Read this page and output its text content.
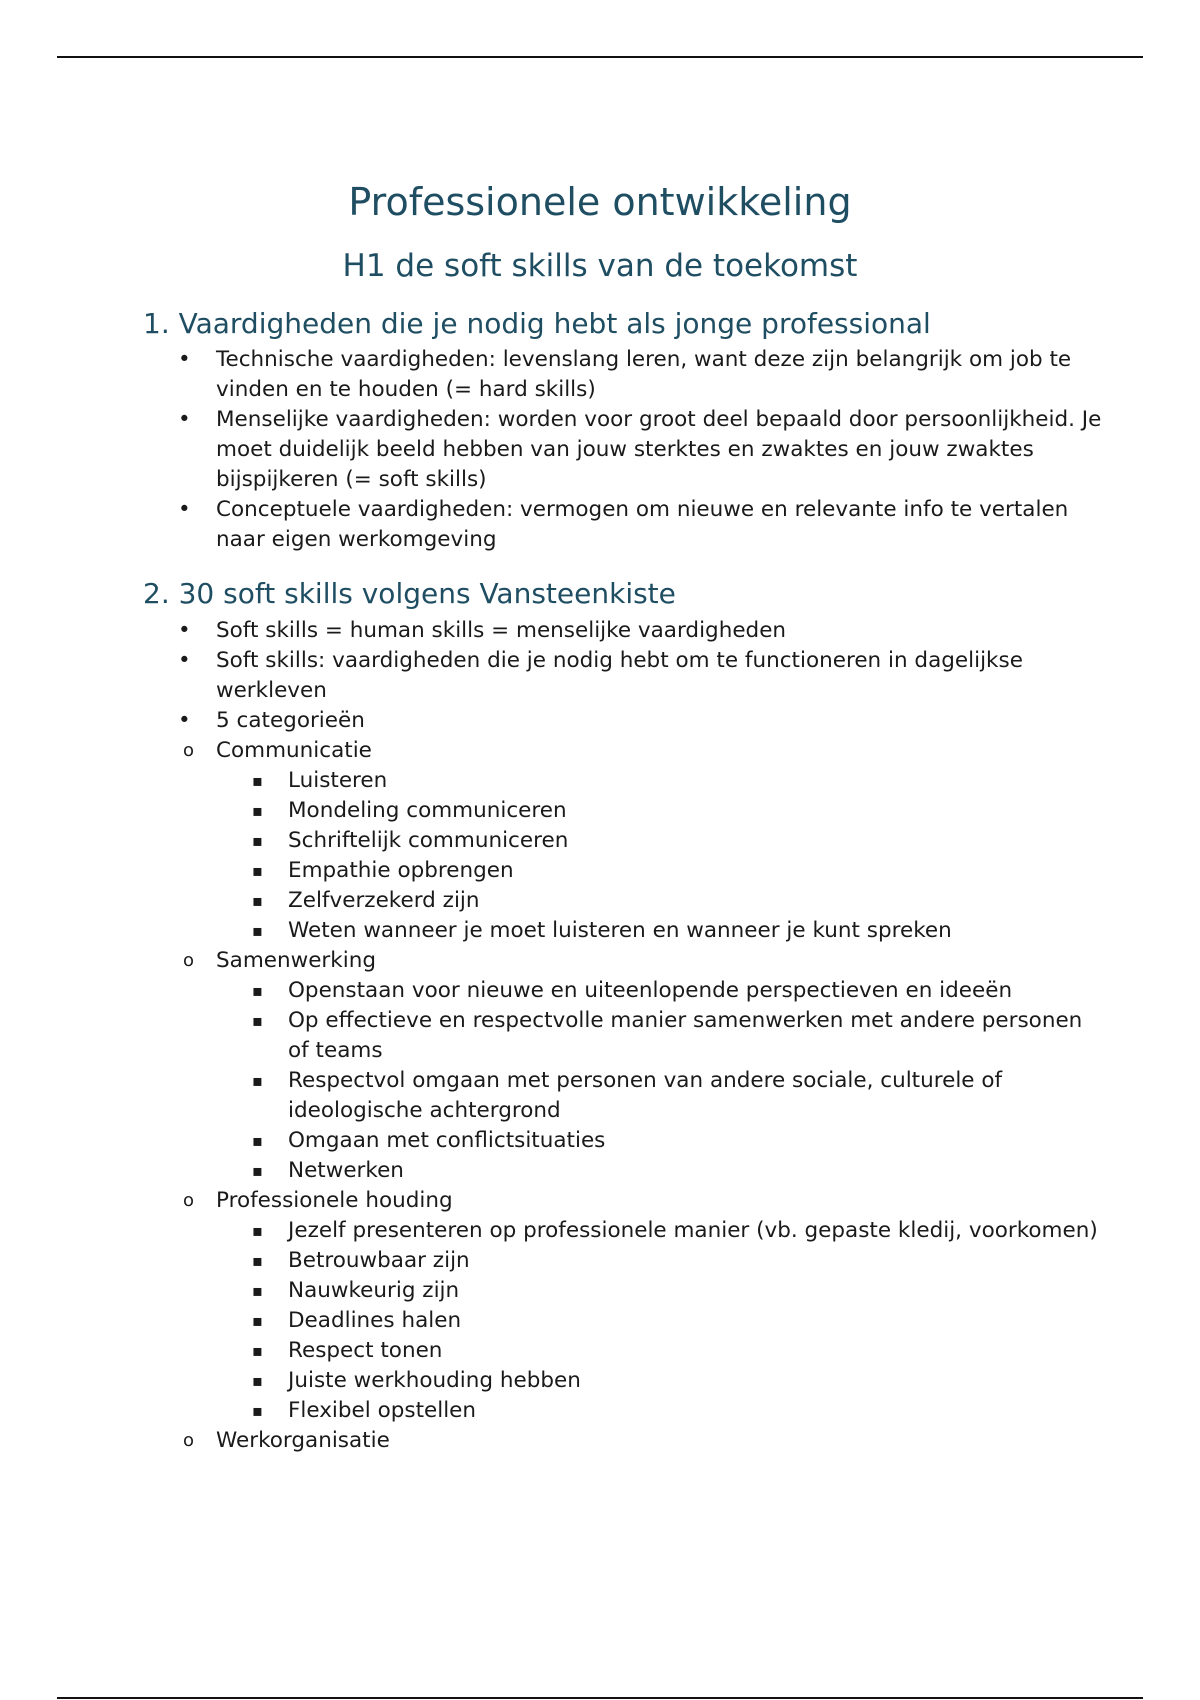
Professionele ontwikkeling
H1 de soft skills van de toekomst
1. Vaardigheden die je nodig hebt als jonge professional
• Technische vaardigheden: levenslang leren, want deze zijn belangrijk om job te vinden en te houden (= hard skills)
• Menselijke vaardigheden: worden voor groot deel bepaald door persoonlijkheid. Je moet duidelijk beeld hebben van jouw sterktes en zwaktes en jouw zwaktes bijspijkeren (= soft skills)
• Conceptuele vaardigheden: vermogen om nieuwe en relevante info te vertalen naar eigen werkomgeving
2. 30 soft skills volgens Vansteenkiste
• Soft skills = human skills = menselijke vaardigheden
• Soft skills: vaardigheden die je nodig hebt om te functioneren in dagelijkse werkleven
• 5 categorieën
o Communicatie
▪ Luisteren
▪ Mondeling communiceren
▪ Schriftelijk communiceren
▪ Empathie opbrengen
▪ Zelfverzekerd zijn
▪ Weten wanneer je moet luisteren en wanneer je kunt spreken
o Samenwerking
▪ Openstaan voor nieuwe en uiteenlopende perspectieven en ideeën
▪ Op effectieve en respectvolle manier samenwerken met andere personen of teams
▪ Respectvol omgaan met personen van andere sociale, culturele of ideologische achtergrond
▪ Omgaan met conflictsituaties
▪ Netwerken
o Professionele houding
▪ Jezelf presenteren op professionele manier (vb. gepaste kledij, voorkomen)
▪ Betrouwbaar zijn
▪ Nauwkeurig zijn
▪ Deadlines halen
▪ Respect tonen
▪ Juiste werkhouding hebben
▪ Flexibel opstellen
o Werkorganisatie
